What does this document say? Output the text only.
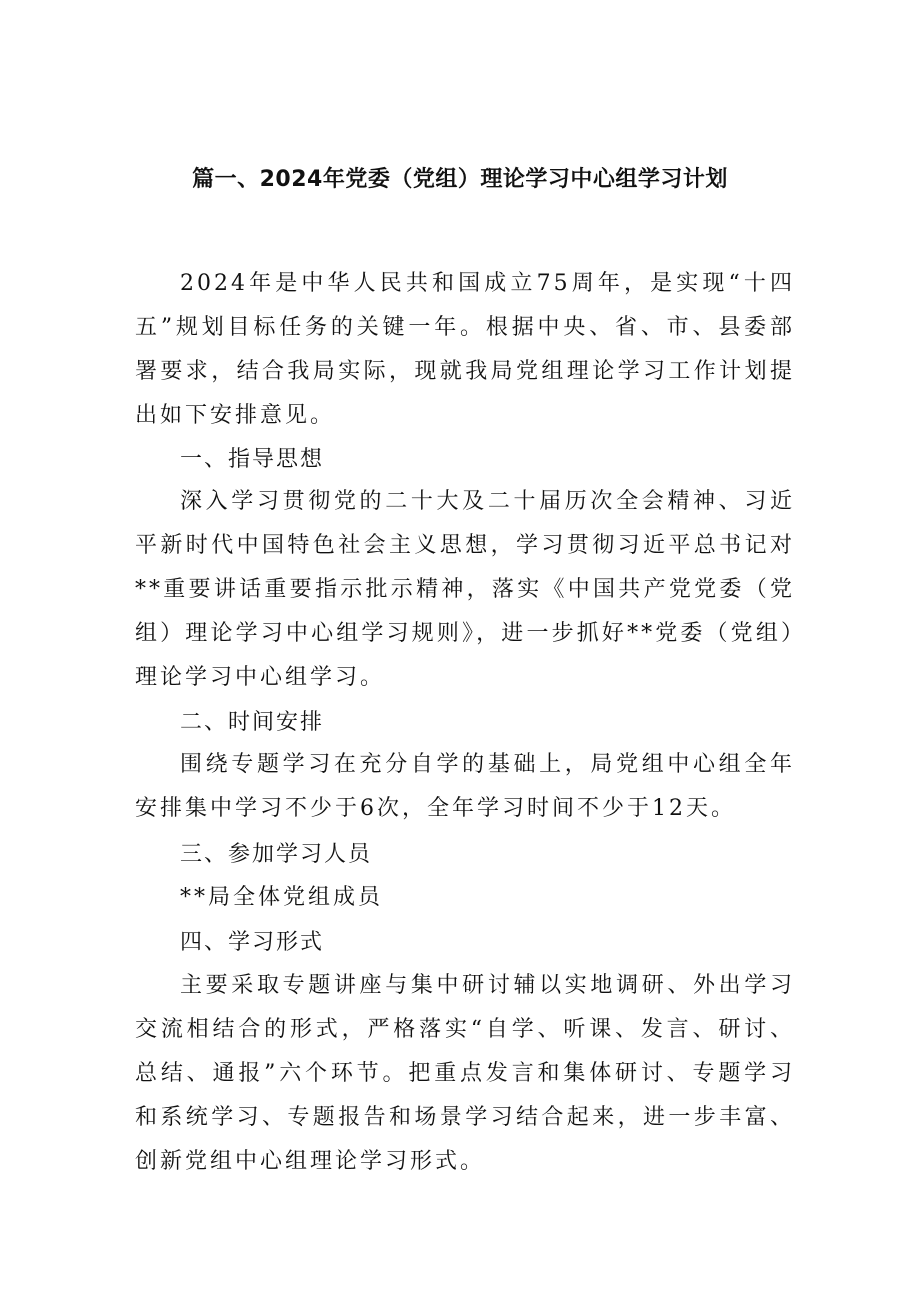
篇一、2024年党委（党组）理论学习中心组学习计划
2024年是中华人民共和国成立75周年，是实现“十四五”规划目标任务的关键一年。根据中央、省、市、县委部署要求，结合我局实际，现就我局党组理论学习工作计划提出如下安排意见。
一、指导思想
深入学习贯彻党的二十大及二十届历次全会精神、习近平新时代中国特色社会主义思想，学习贯彻习近平总书记对**重要讲话重要指示批示精神，落实《中国共产党党委（党组）理论学习中心组学习规则》，进一步抓好**党委（党组）理论学习中心组学习。
二、时间安排
围绕专题学习在充分自学的基础上，局党组中心组全年安排集中学习不少于6次，全年学习时间不少于12天。
三、参加学习人员
**局全体党组成员
四、学习形式
主要采取专题讲座与集中研讨辅以实地调研、外出学习交流相结合的形式，严格落实“自学、听课、发言、研讨、总结、通报”六个环节。把重点发言和集体研讨、专题学习和系统学习、专题报告和场景学习结合起来，进一步丰富、创新党组中心组理论学习形式。
